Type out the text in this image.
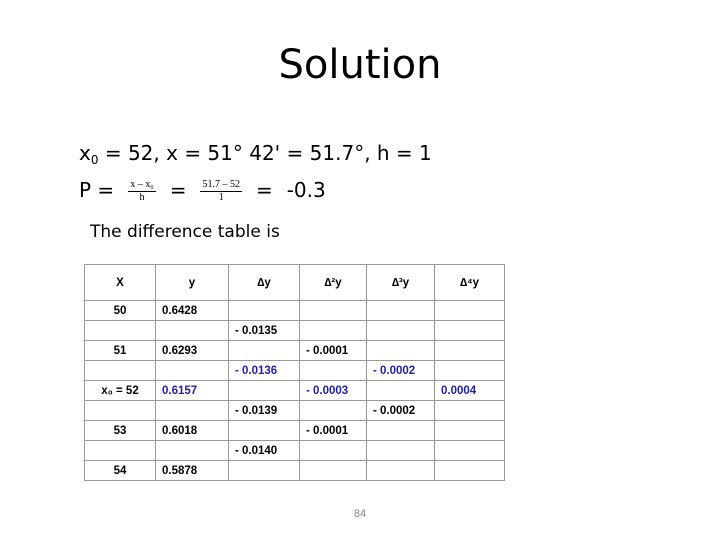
Solution
$x_0 = 52$, x = 51° 42' = 51.7°, h = 1
$P = \frac{\text{x – x₀}}{h} = \frac{51.7 - 52}{1} = -0.3$
The difference table is
X	y	∆y	∆²y	∆³y	∆⁴y
50	0.6428				
		- 0.0135			
51	0.6293		- 0.0001		
		- 0.0136		- 0.0002	
x₀ = 52	0.6157		- 0.0003		0.0004
		- 0.0139		- 0.0002	
53	0.6018		- 0.0001		
		- 0.0140			
54	0.5878				
84
